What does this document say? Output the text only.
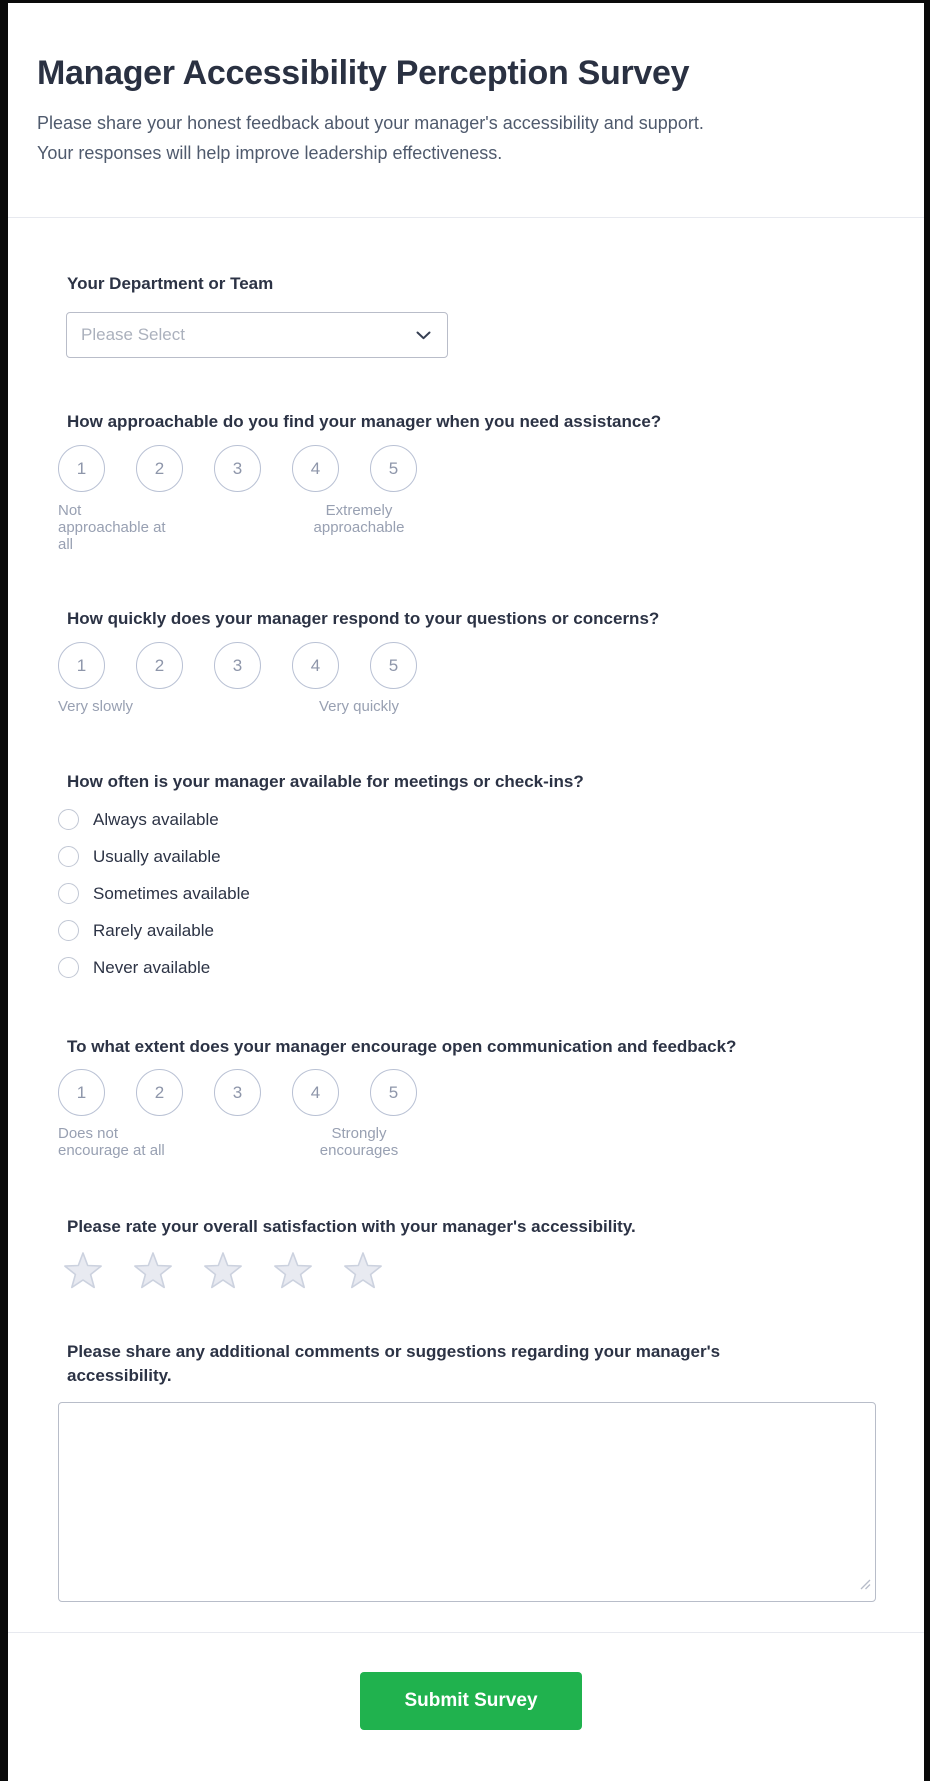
Manager Accessibility Perception Survey
Please share your honest feedback about your manager's accessibility and support.
Your responses will help improve leadership effectiveness.
Your Department or Team
Please Select
How approachable do you find your manager when you need assistance?
1	2	3	4	5
Not approachable at all
Extremely approachable
How quickly does your manager respond to your questions or concerns?
1	2	3	4	5
Very slowly	Very quickly
How often is your manager available for meetings or check-ins?
Always available
Usually available
Sometimes available
Rarely available
Never available
To what extent does your manager encourage open communication and feedback?
1	2	3	4	5
Does not encourage at all
Strongly encourages
Please rate your overall satisfaction with your manager's accessibility.
Please share any additional comments or suggestions regarding your manager's accessibility.
Submit Survey
